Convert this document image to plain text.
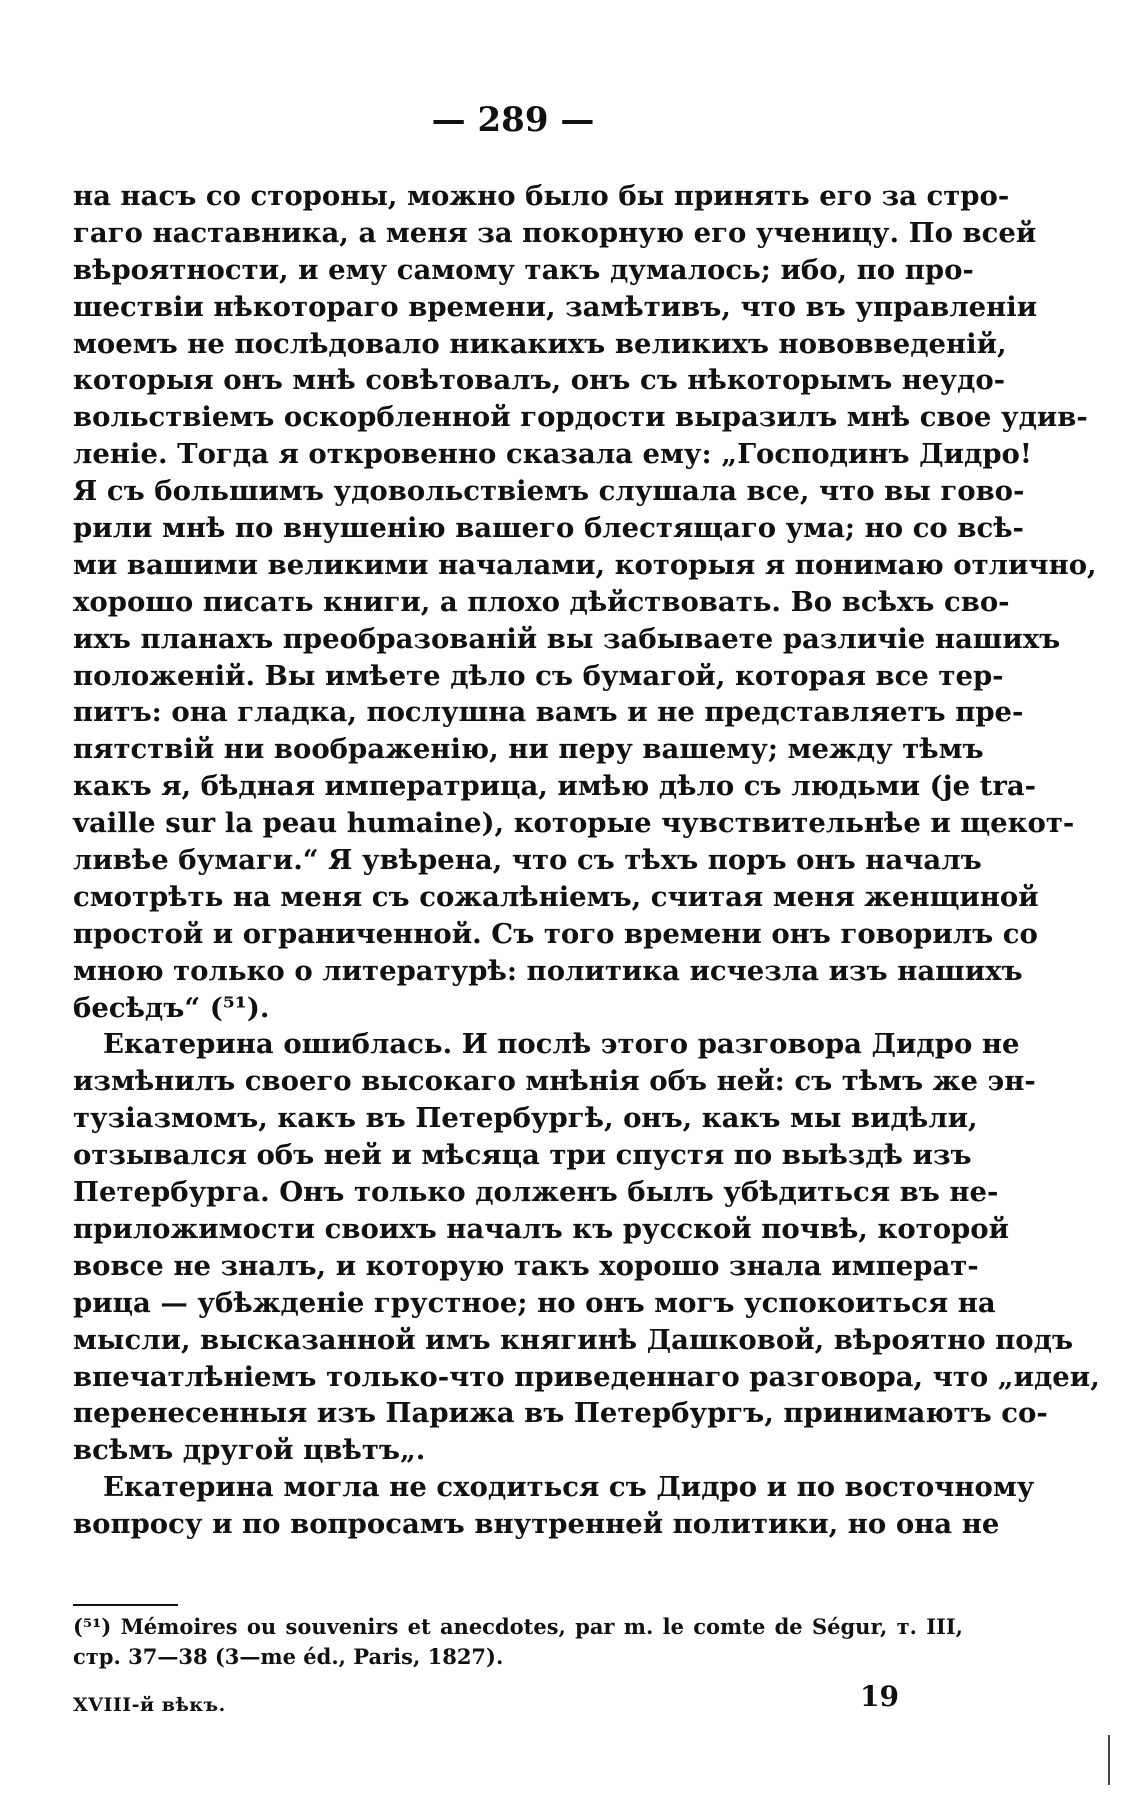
— 289 —
на насъ со стороны, можно было бы принять его за стро-
гаго наставника, а меня за покорную его ученицу. По всей
вѣроятности, и ему самому такъ думалось; ибо, по про-
шествіи нѣкотораго времени, замѣтивъ, что въ управленіи
моемъ не послѣдовало никакихъ великихъ нововведеній,
которыя онъ мнѣ совѣтовалъ, онъ съ нѣкоторымъ неудо-
вольствіемъ оскорбленной гордости выразилъ мнѣ свое удив-
леніе. Тогда я откровенно сказала ему: „Господинъ Дидро!
Я съ большимъ удовольствіемъ слушала все, что вы гово-
рили мнѣ по внушенію вашего блестящаго ума; но со всѣ-
ми вашими великими началами, которыя я понимаю отлично,
хорошо писать книги, а плохо дѣйствовать. Во всѣхъ сво-
ихъ планахъ преобразованій вы забываете различіе нашихъ
положеній. Вы имѣете дѣло съ бумагой, которая все тер-
питъ: она гладка, послушна вамъ и не представляетъ пре-
пятствій ни воображенію, ни перу вашему; между тѣмъ
какъ я, бѣдная императрица, имѣю дѣло съ людьми (je tra-
vaille sur la peau humaine), которые чувствительнѣе и щекот-
ливѣе бумаги.“ Я увѣрена, что съ тѣхъ поръ онъ началъ
смотрѣть на меня съ сожалѣніемъ, считая меня женщиной
простой и ограниченной. Съ того времени онъ говорилъ со
мною только о литературѣ: политика исчезла изъ нашихъ
бесѣдъ“ (⁵¹).
Екатерина ошиблась. И послѣ этого разговора Дидро не
измѣнилъ своего высокаго мнѣнія объ ней: съ тѣмъ же эн-
тузіазмомъ, какъ въ Петербургѣ, онъ, какъ мы видѣли,
отзывался объ ней и мѣсяца три спустя по выѣздѣ изъ
Петербурга. Онъ только долженъ былъ убѣдиться въ не-
приложимости своихъ началъ къ русской почвѣ, которой
вовсе не зналъ, и которую такъ хорошо знала императ-
рица — убѣжденіе грустное; но онъ могъ успокоиться на
мысли, высказанной имъ княгинѣ Дашковой, вѣроятно подъ
впечатлѣніемъ только-что приведеннаго разговора, что „идеи,
перенесенныя изъ Парижа въ Петербургъ, принимаютъ со-
всѣмъ другой цвѣтъ„.
Екатерина могла не сходиться съ Дидро и по восточному
вопросу и по вопросамъ внутренней политики, но она не
(⁵¹) Mémoires ou souvenirs et anecdotes, par m. le comte de Ségur, т. III,
стр. 37—38 (3—me éd., Paris, 1827).
XVIII-й вѣкъ.	19
